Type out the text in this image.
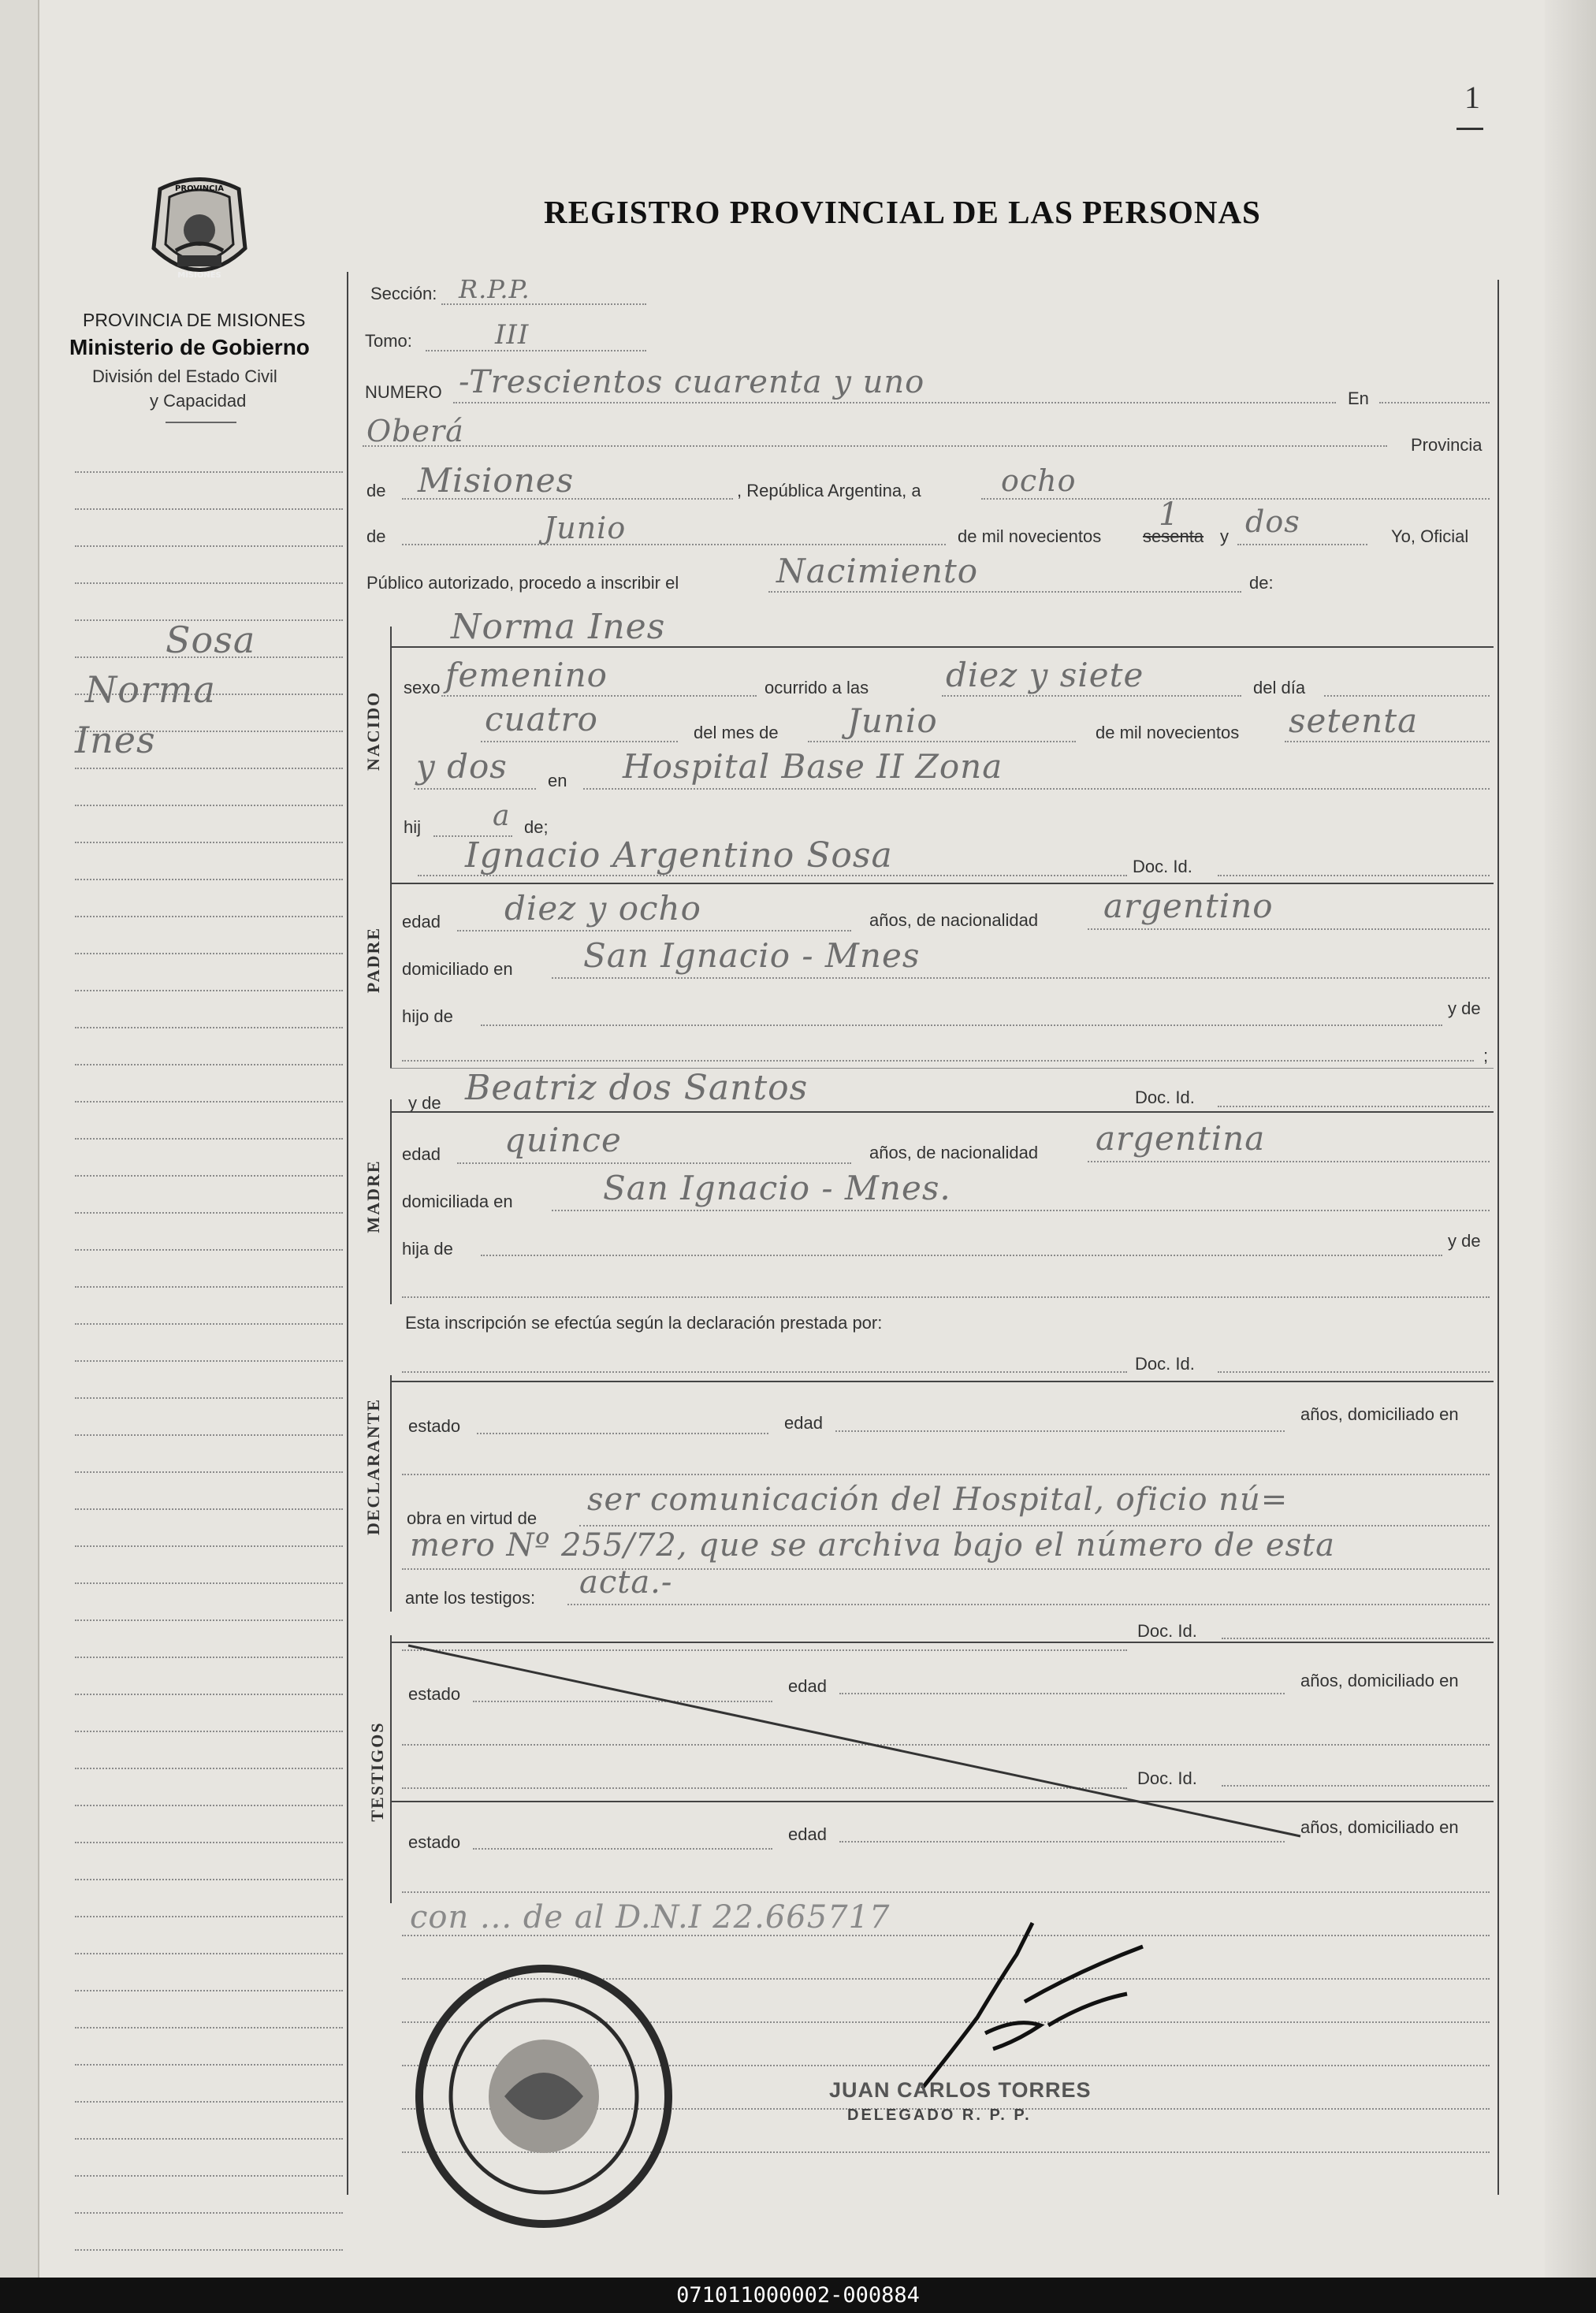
1
PROVINCIA
MISIONES
PROVINCIA DE MISIONES
Ministerio de Gobierno
División del Estado Civil
y Capacidad
REGISTRO PROVINCIAL DE LAS PERSONAS
Sosa
Norma
Ines
Sección: R.P.P.
Tomo:	III
NUMERO -Trescientos cuarenta y uno	En
Oberá	Provincia
de Misiones	, República Argentina, a	ocho
de	Junio	de mil novecientos sesenta
1
y dos	Yo, Oficial
Público autorizado, procedo a inscribir el	Nacimiento	de:
Norma Ines
NACIDO
sexo femenino	ocurrido a las diez y siete	del día
cuatro	del mes de Junio	de mil novecientos setenta
y dos en Hospital Base II Zona
hij	a de;
Ignacio Argentino Sosa	Doc. Id.
PADRE
edad diez y ocho	años, de nacionalidad argentino
domiciliado en San Ignacio - Mnes
hijo de	y de
;
y de Beatriz dos Santos	Doc. Id.
MADRE
edad quince	años, de nacionalidad argentina
domiciliada en	San Ignacio - Mnes.
hija de	y de
Esta inscripción se efectúa según la declaración prestada por:
Doc. Id.
DECLARANTE estado	edad	años, domiciliado en
obra en virtud de
ser comunicación del Hospital, oficio nú=
mero Nº 255/72, que se archiva bajo el número de esta
ante los testigos: acta.-
Doc. Id.
TESTIGOS
estado	edad	años, domiciliado en
Doc. Id.
estado	edad	años, domiciliado en
con ... de al D.N.I 22.665717
JUAN CARLOS TORRES
DELEGADO R. P. P.
071011000002-000884
